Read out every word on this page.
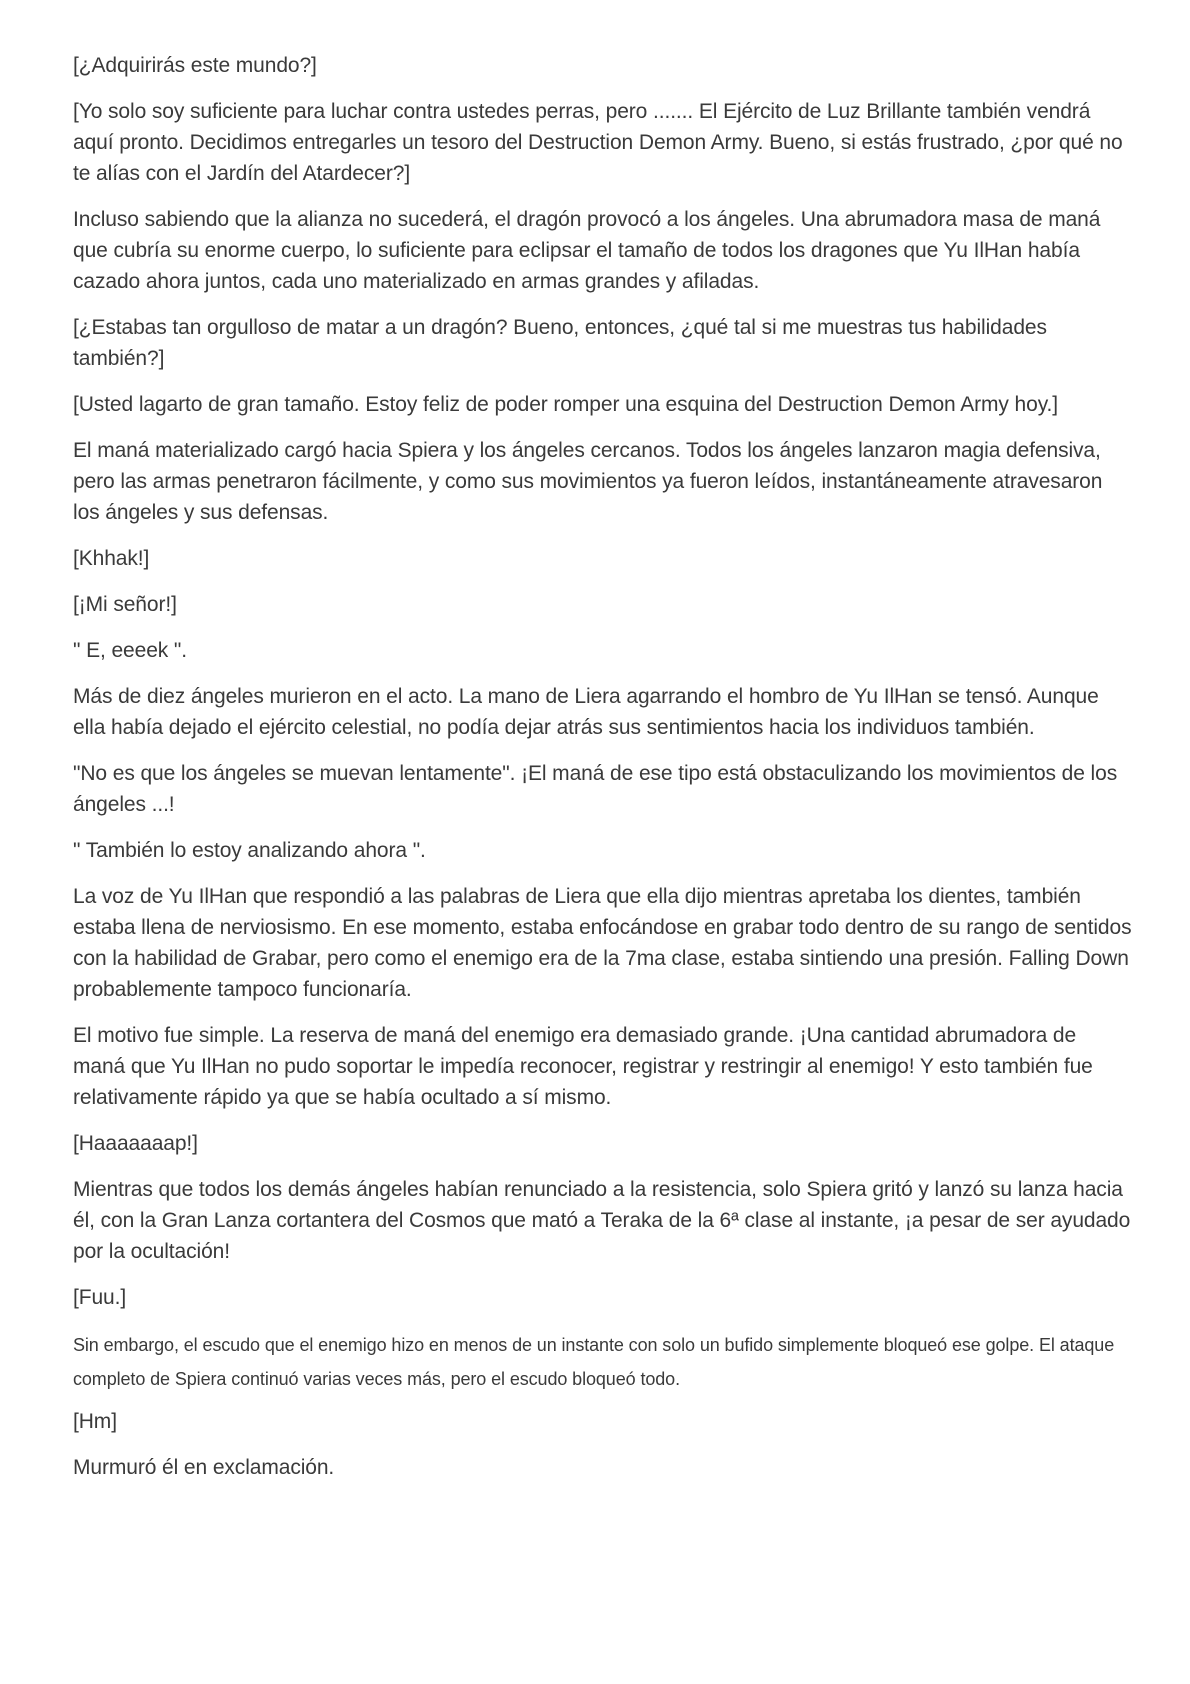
[¿Adquirirás este mundo?]

[Yo solo soy suficiente para luchar contra ustedes perras, pero ....... El Ejército de Luz Brillante también vendrá aquí pronto. Decidimos entregarles un tesoro del Destruction Demon Army. Bueno, si estás frustrado, ¿por qué no te alías con el Jardín del Atardecer?]

Incluso sabiendo que la alianza no sucederá, el dragón provocó a los ángeles. Una abrumadora masa de maná que cubría su enorme cuerpo, lo suficiente para eclipsar el tamaño de todos los dragones que Yu IlHan había cazado ahora juntos, cada uno materializado en armas grandes y afiladas.

[¿Estabas tan orgulloso de matar a un dragón? Bueno, entonces, ¿qué tal si me muestras tus habilidades también?]

[Usted lagarto de gran tamaño. Estoy feliz de poder romper una esquina del Destruction Demon Army hoy.]

El maná materializado cargó hacia Spiera y los ángeles cercanos. Todos los ángeles lanzaron magia defensiva, pero las armas penetraron fácilmente, y como sus movimientos ya fueron leídos, instantáneamente atravesaron los ángeles y sus defensas.

[Khhak!]

[¡Mi señor!]

" E, eeeek ".

Más de diez ángeles murieron en el acto. La mano de Liera agarrando el hombro de Yu IlHan se tensó. Aunque ella había dejado el ejército celestial, no podía dejar atrás sus sentimientos hacia los individuos también.

"No es que los ángeles se muevan lentamente". ¡El maná de ese tipo está obstaculizando los movimientos de los ángeles ...!

" También lo estoy analizando ahora ".

La voz de Yu IlHan que respondió a las palabras de Liera que ella dijo mientras apretaba los dientes, también estaba llena de nerviosismo. En ese momento, estaba enfocándose en grabar todo dentro de su rango de sentidos con la habilidad de Grabar, pero como el enemigo era de la 7ma clase, estaba sintiendo una presión. Falling Down probablemente tampoco funcionaría.

El motivo fue simple. La reserva de maná del enemigo era demasiado grande. ¡Una cantidad abrumadora de maná que Yu IlHan no pudo soportar le impedía reconocer, registrar y restringir al enemigo! Y esto también fue relativamente rápido ya que se había ocultado a sí mismo.

[Haaaaaaap!]

Mientras que todos los demás ángeles habían renunciado a la resistencia, solo Spiera gritó y lanzó su lanza hacia él, con la Gran Lanza cortantera del Cosmos que mató a Teraka de la 6ª clase al instante, ¡a pesar de ser ayudado por la ocultación!

[Fuu.]

Sin embargo, el escudo que el enemigo hizo en menos de un instante con solo un bufido simplemente bloqueó ese golpe. El ataque completo de Spiera continuó varias veces más, pero el escudo bloqueó todo.

[Hm]

Murmuró él en exclamación.
